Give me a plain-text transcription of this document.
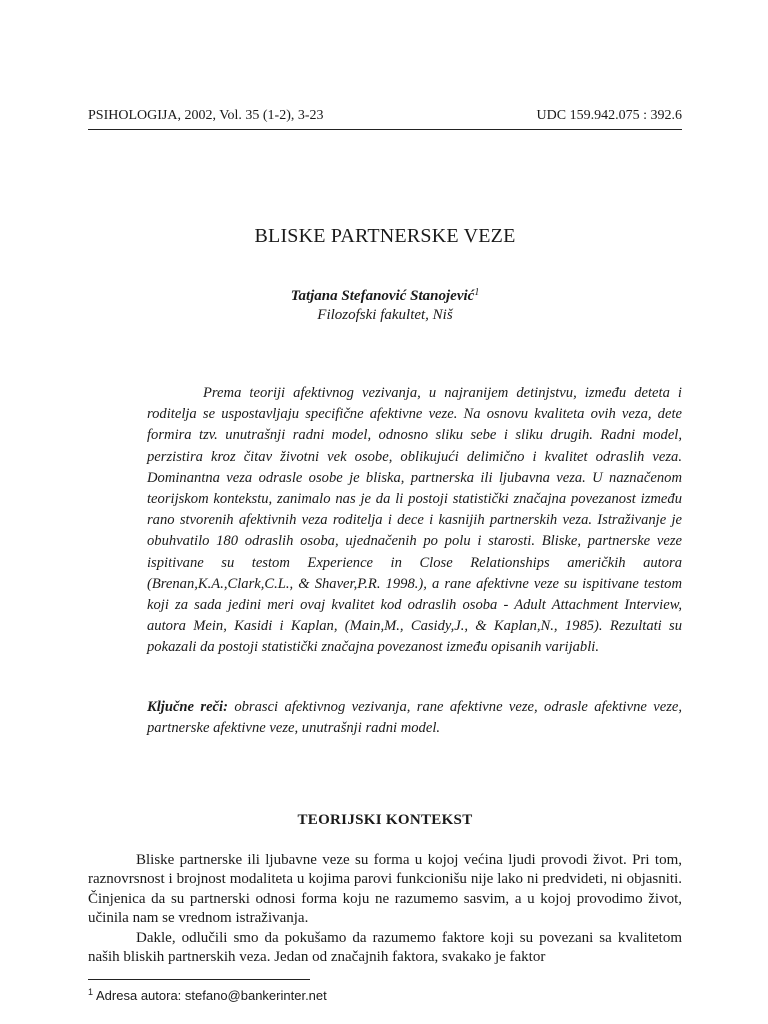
PSIHOLOGIJA, 2002, Vol. 35 (1-2), 3-23	UDC 159.942.075 : 392.6
BLISKE PARTNERSKE VEZE
Tatjana Stefanović Stanojević$^1$
Filozofski fakultet, Niš

Prema teoriji afektivnog vezivanja, u najranijem detinjstvu, između deteta i roditelja se uspostavljaju specifične afektivne veze. Na osnovu kvaliteta ovih veza, dete formira tzv. unutrašnji radni model, odnosno sliku sebe i sliku drugih. Radni model, perzistira kroz čitav životni vek osobe, oblikujući delimično i kvalitet odraslih veza. Dominantna veza odrasle osobe je bliska, partnerska ili ljubavna veza. U naznačenom teorijskom kontekstu, zanimalo nas je da li postoji statistički značajna povezanost između rano stvorenih afektivnih veza roditelja i dece i kasnijih partnerskih veza. Istraživanje je obuhvatilo 180 odraslih osoba, ujednačenih po polu i starosti. Bliske, partnerske veze ispitivane su testom Experience in Close Relationships američkih autora (Brenan,K.A.,Clark,C.L., & Shaver,P.R. 1998.), a rane afektivne veze su ispitivane testom koji za sada jedini meri ovaj kvalitet kod odraslih osoba - Adult Attachment Interview, autora Mein, Kasidi i Kaplan, (Main,M., Casidy,J., & Kaplan,N., 1985). Rezultati su pokazali da postoji statistički značajna povezanost između opisanih varijabli.

Ključne reči: obrasci afektivnog vezivanja, rane afektivne veze, odrasle afektivne veze, partnerske afektivne veze, unutrašnji radni model.

TEORIJSKI KONTEKST

Bliske partnerske ili ljubavne veze su forma u kojoj većina ljudi provodi život. Pri tom, raznovrsnost i brojnost modaliteta u kojima parovi funkcionišu nije lako ni predvideti, ni objasniti. Činjenica da su partnerski odnosi forma koju ne razumemo sasvim, a u kojoj provodimo život, učinila nam se vrednom istraživanja.

Dakle, odlučili smo da pokušamo da razumemo faktore koji su povezani sa kvalitetom naših bliskih partnerskih veza. Jedan od značajnih faktora, svakako je faktor

$^1$ Adresa autora: stefano@bankerinter.net
